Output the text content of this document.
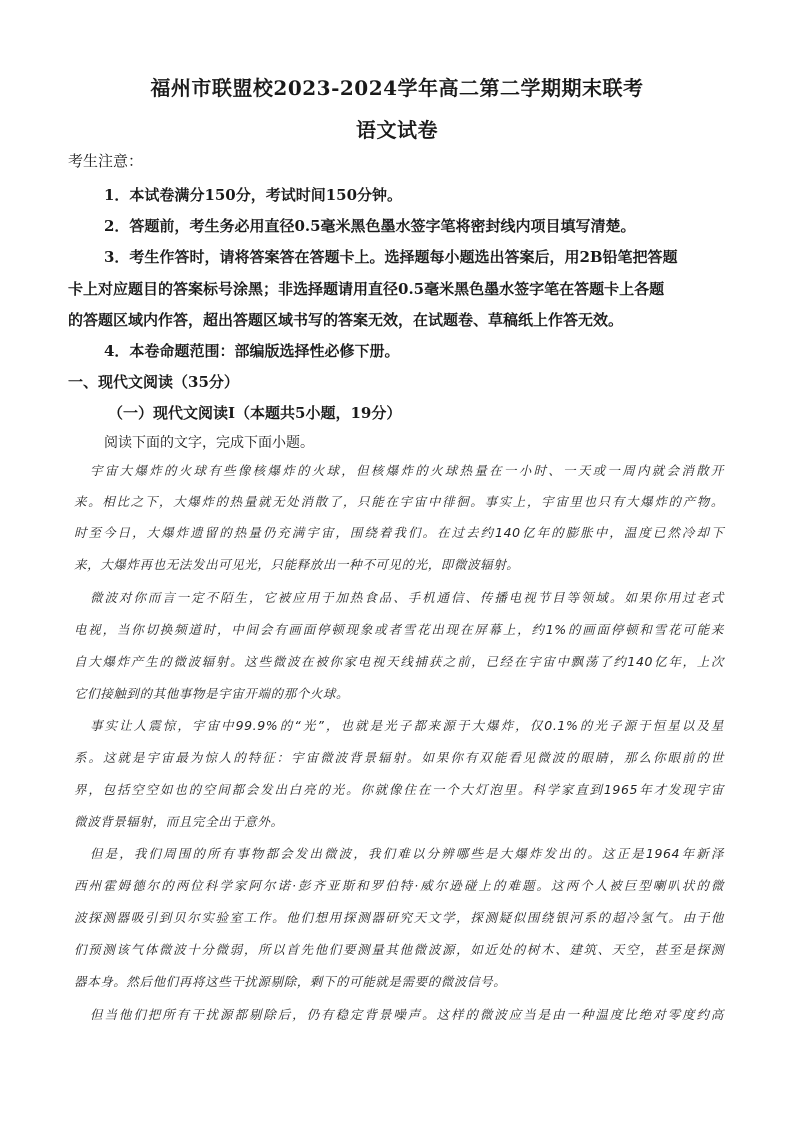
福州市联盟校2023-2024学年高二第二学期期末联考
语文试卷
考生注意：
1．本试卷满分150分，考试时间150分钟。
2．答题前，考生务必用直径0.5毫米黑色墨水签字笔将密封线内项目填写清楚。
3．考生作答时，请将答案答在答题卡上。选择题每小题选出答案后，用2B铅笔把答题
卡上对应题目的答案标号涂黑；非选择题请用直径0.5毫米黑色墨水签字笔在答题卡上各题
的答题区域内作答，超出答题区域书写的答案无效，在试题卷、草稿纸上作答无效。
4．本卷命题范围：部编版选择性必修下册。
一、现代文阅读（35分）
（一）现代文阅读Ⅰ（本题共5小题，19分）
阅读下面的文字，完成下面小题。
宇宙大爆炸的火球有些像核爆炸的火球，但核爆炸的火球热量在一小时、一天或一周内就会消散开
来。相比之下，大爆炸的热量就无处消散了，只能在宇宙中徘徊。事实上，宇宙里也只有大爆炸的产物。
时至今日，大爆炸遗留的热量仍充满宇宙，围绕着我们。在过去约140亿年的膨胀中，温度已然冷却下
来，大爆炸再也无法发出可见光，只能释放出一种不可见的光，即微波辐射。
微波对你而言一定不陌生，它被应用于加热食品、手机通信、传播电视节目等领域。如果你用过老式
电视，当你切换频道时，中间会有画面停顿现象或者雪花出现在屏幕上，约1%的画面停顿和雪花可能来
自大爆炸产生的微波辐射。这些微波在被你家电视天线捕获之前，已经在宇宙中飘荡了约140亿年，上次
它们接触到的其他事物是宇宙开端的那个火球。
事实让人震惊，宇宙中99.9%的“光”，也就是光子都来源于大爆炸，仅0.1%的光子源于恒星以及星
系。这就是宇宙最为惊人的特征：宇宙微波背景辐射。如果你有双能看见微波的眼睛，那么你眼前的世
界，包括空空如也的空间都会发出白亮的光。你就像住在一个大灯泡里。科学家直到1965年才发现宇宙
微波背景辐射，而且完全出于意外。
但是，我们周围的所有事物都会发出微波，我们难以分辨哪些是大爆炸发出的。这正是1964年新泽
西州霍姆德尔的两位科学家阿尔诺·彭齐亚斯和罗伯特·威尔逊碰上的难题。这两个人被巨型喇叭状的微
波探测器吸引到贝尔实验室工作。他们想用探测器研究天文学，探测疑似围绕银河系的超冷氢气。由于他
们预测该气体微波十分微弱，所以首先他们要测量其他微波源，如近处的树木、建筑、天空，甚至是探测
器本身。然后他们再将这些干扰源剔除，剩下的可能就是需要的微波信号。
但当他们把所有干扰源都剔除后，仍有稳定背景噪声。这样的微波应当是由一种温度比绝对零度约高
